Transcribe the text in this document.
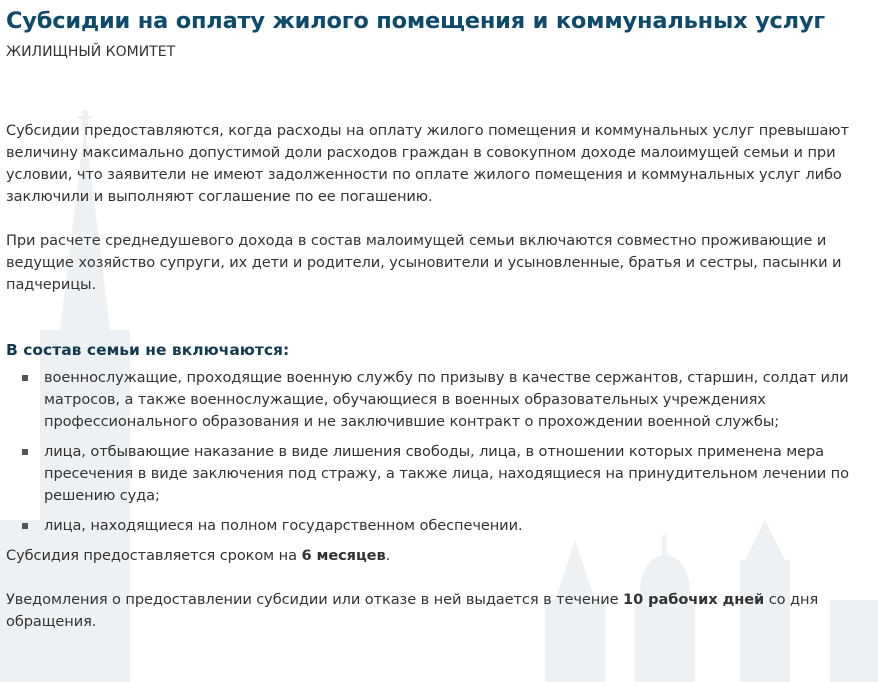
Субсидии на оплату жилого помещения и коммунальных услуг
ЖИЛИЩНЫЙ КОМИТЕТ

Субсидии предоставляются, когда расходы на оплату жилого помещения и коммунальных услуг превышают величину максимально допустимой доли расходов граждан в совокупном доходе малоимущей семьи и при условии, что заявители не имеют задолженности по оплате жилого помещения и коммунальных услуг либо заключили и выполняют соглашение по ее погашению.

При расчете среднедушевого дохода в состав малоимущей семьи включаются совместно проживающие и ведущие хозяйство супруги, их дети и родители, усыновители и усыновленные, братья и сестры, пасынки и падчерицы.

В состав семьи не включаются:
военнослужащие, проходящие военную службу по призыву в качестве сержантов, старшин, солдат или матросов, а также военнослужащие, обучающиеся в военных образовательных учреждениях профессионального образования и не заключившие контракт о прохождении военной службы;
лица, отбывающие наказание в виде лишения свободы, лица, в отношении которых применена мера пресечения в виде заключения под стражу, а также лица, находящиеся на принудительном лечении по решению суда;
лица, находящиеся на полном государственном обеспечении.

Субсидия предоставляется сроком на 6 месяцев.

Уведомления о предоставлении субсидии или отказе в ней выдается в течение 10 рабочих дней со дня обращения.
